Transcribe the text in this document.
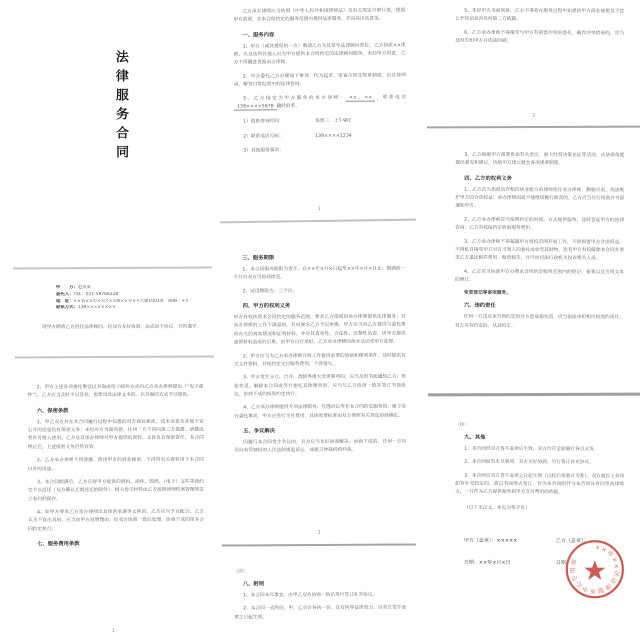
法律服务合同
甲　　方：赵某某
委托人：TEL：021-59766128
地　址：××省××市××区××路××号××大厦1001室　邮编：××
联系方式：139××××××××
现甲方聘请乙方担任法律顾问，经双方友好协商，达成如下协议，共同遵守。
2、甲方上述各项委托事宜以书面或电子邮件方式向乙方承办律师提出（“电子邮件”），乙方应当及时予以答复；需要出具法律文书的，以书面的方式予以提供。
六、保密条款
1、甲乙双方对在本合同履行过程中知悉的对方商业秘密、技术信息及其他不宜公开的信息负有保密义务；未经对方书面同意，任何一方不得向第三方披露、泄露或者许可他人使用。乙方及其承办律师对甲方提供的资料、文件负有保密责任，本合同终止后，上述保密义务仍然有效。
2、乙方承办律师不得泄露、使用甲方的商业秘密，不得将有关资料用于本合同以外的用途。
3、本合同期满后，乙方应将甲方提供的资料、函件、图纸、（电子）文件等按约定予以返还（双方确认无需返还的除外），相关卷宗材料由乙方按照律师档案管理规定立卷归档保存。
4、如甲方要求乙方承办律师出具保密承诺等文件的，乙方应当予以配合；乙方认为不宜出具的，应当向甲方说明理由，经双方协商一致后处理，协商不成的按本合同约定执行。
七、服务费用条款
1
乙方承办律师应当依照《中华人民共和国律师法》及有关规定尽职尽责，根据甲方需要，在本合同约定的服务范围内提供法律服务，并由其出具意见。
一、服务内容
1、甲方（或其授权的一方）聘请乙方为其常年法律顾问单位，乙方指派××律师、以及该所其他人员为甲方提供本合同约定的法律顾问服务，未经甲方同意，乙方不得随意更换承办律师。
2、甲方委托乙方办理如下事项：代为起草、审查合同及规章制度，出具律师函，解答日常经营中的法律咨询。
3、乙方指定为甲方服务的承办律师： ××、×× ，联系电话139××××5678 随时联系。
1）值班咨询时间：	每周三　上午9时
2）联系电话号码：	139××××1234
3）其他服务事项：
1
三、服务期限
1、本合同服务期限为壹年，自××年×月×日起至××年×月×日止；期满前一个月内双方可协商续签。
2、试用期限为：三个月。
四、甲方的权利义务
甲方有权按照本合同约定的服务范围，要求乙方指派的承办律师提供法律服务；对承办律师的工作不满意的，有权要求乙方予以更换。甲方应当向乙方提供与委托事项有关的真实情况和证明材料，并对其真实性、合法性、完整性负责，因甲方提供虚假材料造成的后果，由甲方自行承担，乙方承办律师的执业活动受甲方监督。
2、甲方应当为乙方承办律师开展工作提供必要的协助和便利条件，及时提供有关文件资料，并按约定支付服务费用，不得拖欠。
3、甲方发生分立、合并、改制等重大变更事项的，应当及时书面通知乙方；需要变更、解除本合同或另行委托其他事项的，应当与乙方协商一致并签订书面协议，协商不成的按原约定执行。
4、乙方承办律师提供专项法律服务、代理诉讼等非本合同约定服务的，属于另行委托事项，甲方应另行支付费用，具体收费标准由双方参照有关规定协商确定。
五、争议解决
因履行本合同发生争议的，双方应当友好协商解决；协商不成的，任何一方均可向有管辖权的人民法院提起诉讼，或提交仲裁机构仲裁。
1
（续）
八、附则
1、本合同未尽事宜，由甲乙双方协商一致后另行签订补充协议。
2、本合同一式两份，甲、乙双方各执一份，具有同等法律效力，自双方签字盖章之日起生效。
5、未经甲方书面同意，乙方不得将在服务过程中知悉的甲方商业秘密及不宜公开的信息向任何第三方披露。
6、乙方承办律师不得接受与甲方有利害冲突的委托，确有冲突情形的，应当及时告知甲方并依法回避。
2
3、乙方根据甲方需要参加有关会议、重大经营决策论证等活动，从法律角度提出意见和建议，协助甲方建立健全各项规章制度。
四、乙方的权利义务
1、乙方应当指派具有相应执业能力的律师担任承办律师，勤勉尽责，依法维护甲方的合法权益；承办律师因故不能继续履行职责的，乙方应当另行指派并书面通知甲方。
2、乙方承办律师应当按照约定的时间、方式提供服务，及时答复甲方的法律咨询；乙方有权按约定收取服务费用。
3、乙方承办律师不得超越甲方授权范围开展工作，不得损害甲方合法权益，不得私自接受甲方对方当事人的委托或收受其财物，违者甲方有权解除本合同并要求乙方退还相应费用、赔偿损失，并可向司法行政机关投诉相关人员。
4、乙方应当协助甲方办理本合同约定服务范围内的登记、备案以及合同文本的修订。
变更登记等事项服务。
六、违约责任
任何一方违反本合同约定给对方造成损失的，应当依法承担相应的违约责任；双方另有约定的，从其约定。
（续）
九、其他
1、本合同经双方签字盖章后生效，双方均应全面履行各自义务。
2、本合同如有未尽事项，双方友好协商，另行签订补充协议。
3、本合同自双方签字盖章之日起生效（以较后签署日为准）。双方就以上各项如有补充约定的，需以书面形式签订，作为本合同附件与本合同具有同等法律效力，一并作为乙方提供服务和甲方支付费用的依据。
（以下无正文，本页为签字页）
甲方（盖章）：×××××	乙方（盖章）：
日期：××年×月×日	日期：
××市××区法律服务中心专用章
